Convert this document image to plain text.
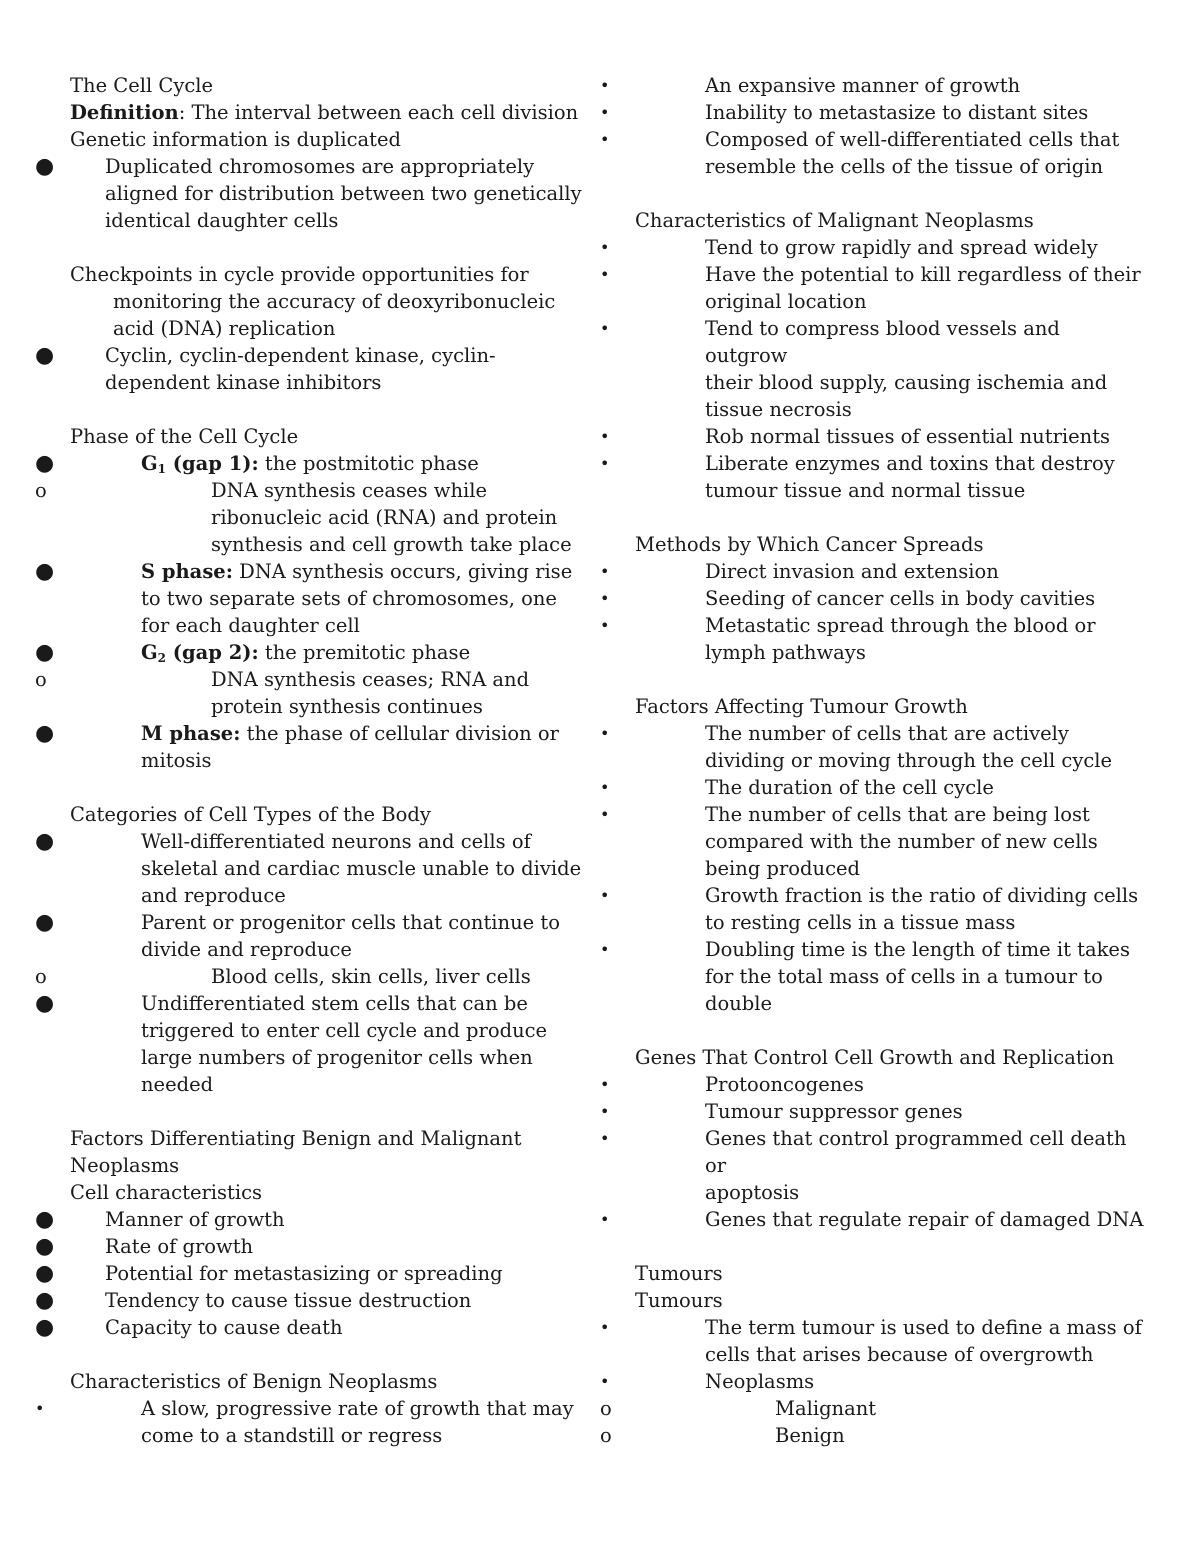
The Cell Cycle

Definition: The interval between each cell division

Genetic information is duplicated

●	Duplicated chromosomes are appropriately
aligned for distribution between two genetically
identical daughter cells

Checkpoints in cycle provide opportunities for

monitoring the accuracy of deoxyribonucleic

acid (DNA) replication

●	Cyclin, cyclin-dependent kinase, cyclin-
dependent kinase inhibitors

Phase of the Cell Cycle

●	$G_1$ (gap 1): the postmitotic phase
o	DNA synthesis ceases while
ribonucleic acid (RNA) and protein
synthesis and cell growth take place
●	S phase: DNA synthesis occurs, giving rise
to two separate sets of chromosomes, one
for each daughter cell
●	$G_2$ (gap 2): the premitotic phase
o	DNA synthesis ceases; RNA and
protein synthesis continues
●	M phase: the phase of cellular division or
mitosis

Categories of Cell Types of the Body

●	Well-differentiated neurons and cells of
skeletal and cardiac muscle unable to divide
and reproduce
●	Parent or progenitor cells that continue to
divide and reproduce
o	Blood cells, skin cells, liver cells
●	Undifferentiated stem cells that can be
triggered to enter cell cycle and produce
large numbers of progenitor cells when
needed

Factors Differentiating Benign and Malignant

Neoplasms

Cell characteristics

●	Manner of growth
●	Rate of growth
●	Potential for metastasizing or spreading
●	Tendency to cause tissue destruction
●	Capacity to cause death

Characteristics of Benign Neoplasms

•	A slow, progressive rate of growth that may
come to a standstill or regress
•	An expansive manner of growth
•	Inability to metastasize to distant sites
•	Composed of well-differentiated cells that
resemble the cells of the tissue of origin

Characteristics of Malignant Neoplasms

•	Tend to grow rapidly and spread widely
•	Have the potential to kill regardless of their
original location
•	Tend to compress blood vessels and outgrow
their blood supply, causing ischemia and
tissue necrosis
•	Rob normal tissues of essential nutrients
•	Liberate enzymes and toxins that destroy
tumour tissue and normal tissue

Methods by Which Cancer Spreads

•	Direct invasion and extension
•	Seeding of cancer cells in body cavities
•	Metastatic spread through the blood or
lymph pathways

Factors Affecting Tumour Growth

•	The number of cells that are actively
dividing or moving through the cell cycle
•	The duration of the cell cycle
•	The number of cells that are being lost
compared with the number of new cells
being produced
•	Growth fraction is the ratio of dividing cells
to resting cells in a tissue mass
•	Doubling time is the length of time it takes
for the total mass of cells in a tumour to
double

Genes That Control Cell Growth and Replication

•	Protooncogenes
•	Tumour suppressor genes
•	Genes that control programmed cell death or
apoptosis
•	Genes that regulate repair of damaged DNA

Tumours

Tumours

•	The term tumour is used to define a mass of
cells that arises because of overgrowth
•	Neoplasms
o	Malignant
o	Benign
